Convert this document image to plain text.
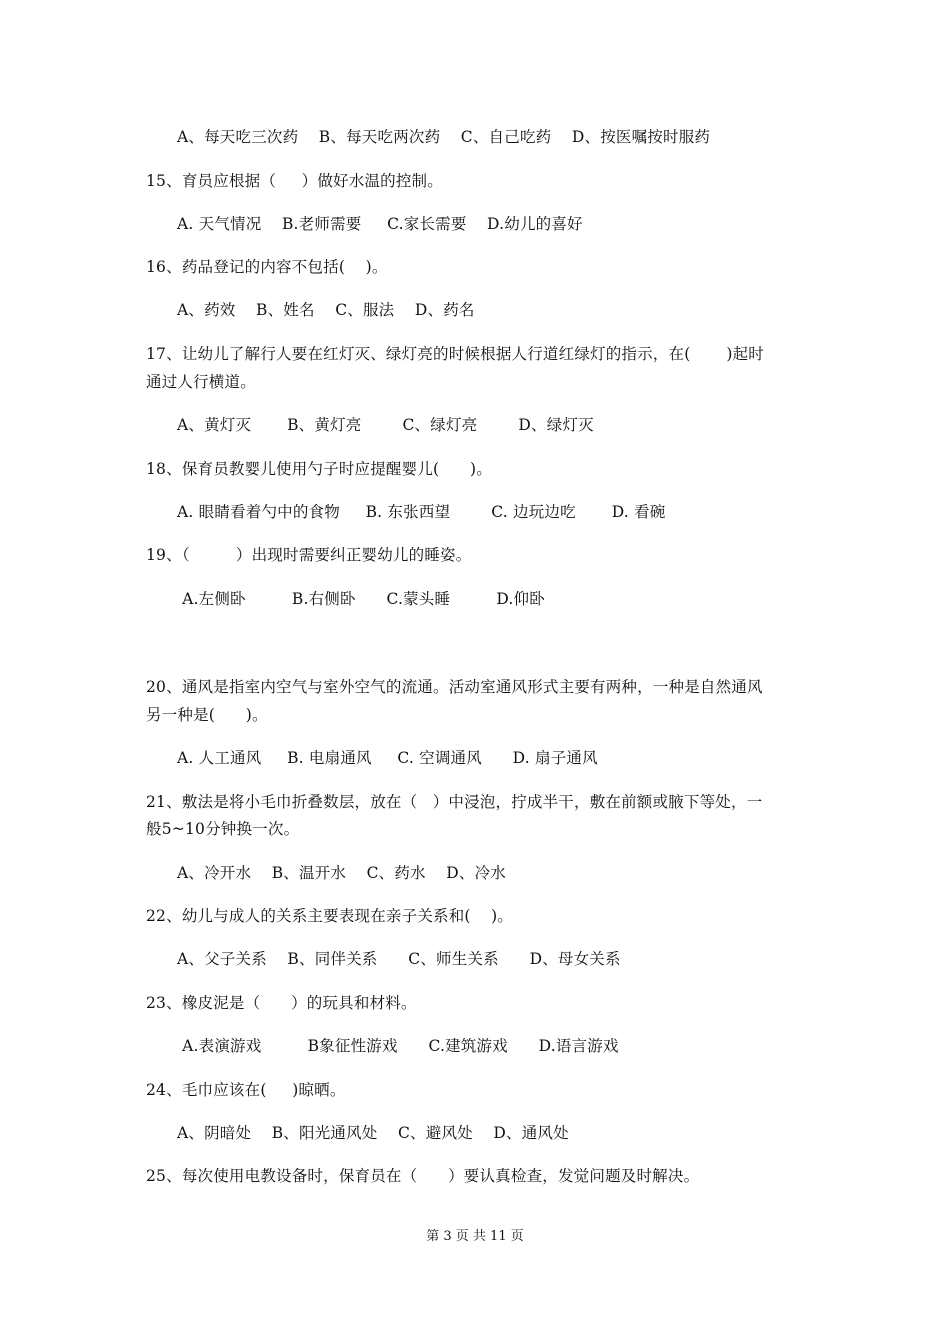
A、每天吃三次药    B、每天吃两次药    C、自己吃药    D、按医嘱按时服药
15、育员应根据（     ）做好水温的控制。
A. 天气情况    B.老师需要     C.家长需要    D.幼儿的喜好
16、药品登记的内容不包括(    )。
A、药效    B、姓名    C、服法    D、药名
17、让幼儿了解行人要在红灯灭、绿灯亮的时候根据人行道红绿灯的指示，在(       )起时
通过人行横道。
A、黄灯灭       B、黄灯亮        C、绿灯亮        D、绿灯灭
18、保育员教婴儿使用勺子时应提醒婴儿(      )。
A. 眼睛看着勺中的食物     B. 东张西望        C. 边玩边吃       D. 看碗
19、（         ）出现时需要纠正婴幼儿的睡姿。
A.左侧卧         B.右侧卧      C.蒙头睡         D.仰卧
20、通风是指室内空气与室外空气的流通。活动室通风形式主要有两种，一种是自然通风
另一种是(      )。
A. 人工通风     B. 电扇通风     C. 空调通风      D. 扇子通风
21、敷法是将小毛巾折叠数层，放在（   ）中浸泡，拧成半干，敷在前额或腋下等处，一
般5~10分钟换一次。
A、冷开水    B、温开水    C、药水    D、冷水
22、幼儿与成人的关系主要表现在亲子关系和(    )。
A、父子关系    B、同伴关系      C、师生关系      D、母女关系
23、橡皮泥是（      ）的玩具和材料。
A.表演游戏         B象征性游戏      C.建筑游戏      D.语言游戏
24、毛巾应该在(     )晾晒。
A、阴暗处    B、阳光通风处    C、避风处    D、通风处
25、每次使用电教设备时，保育员在（      ）要认真检查，发觉问题及时解决。
第 3 页 共 11 页
